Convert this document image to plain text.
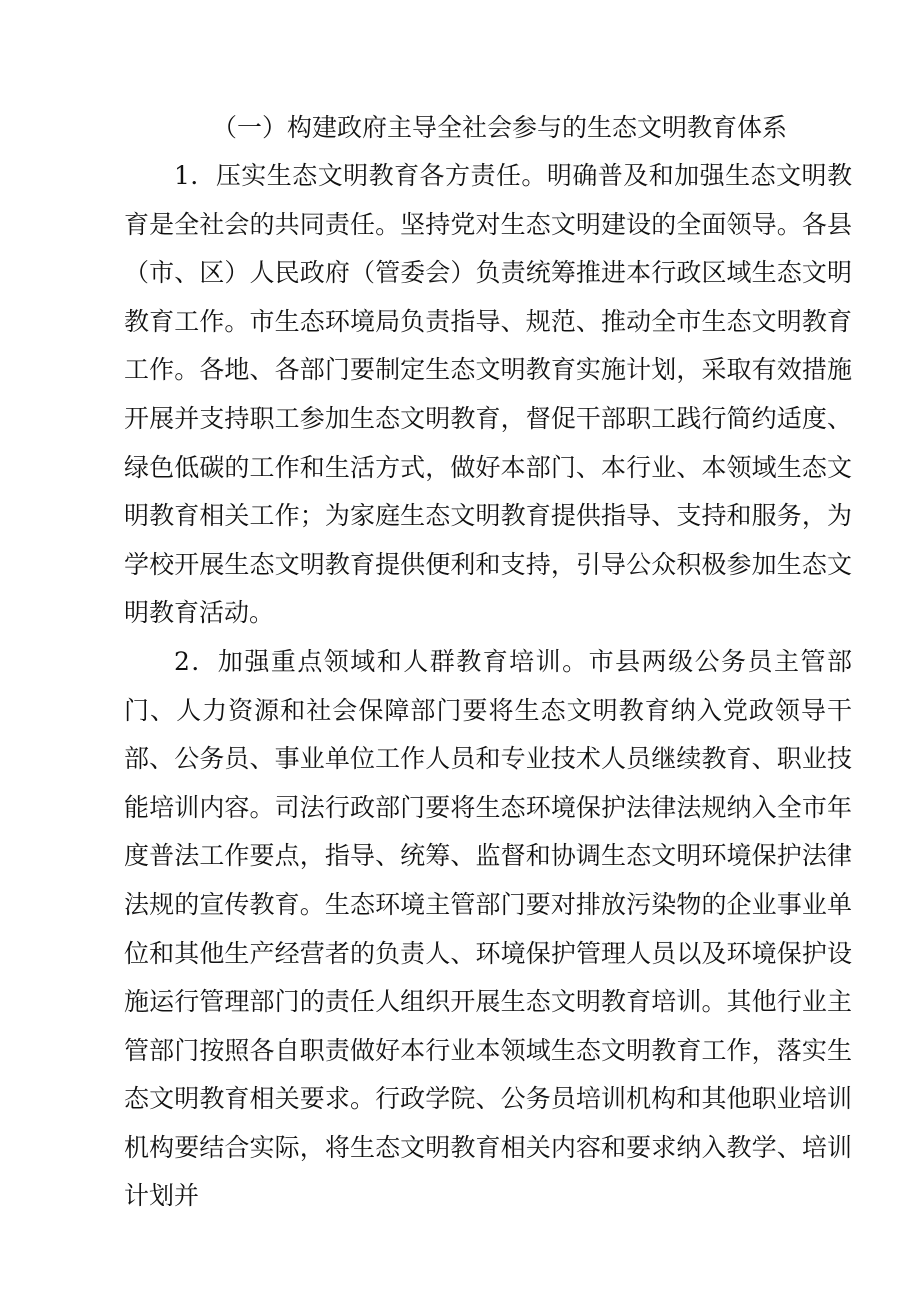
（一）构建政府主导全社会参与的生态文明教育体系

1．压实生态文明教育各方责任。明确普及和加强生态文明教育是全社会的共同责任。坚持党对生态文明建设的全面领导。各县（市、区）人民政府（管委会）负责统筹推进本行政区域生态文明教育工作。市生态环境局负责指导、规范、推动全市生态文明教育工作。各地、各部门要制定生态文明教育实施计划，采取有效措施开展并支持职工参加生态文明教育，督促干部职工践行简约适度、绿色低碳的工作和生活方式，做好本部门、本行业、本领域生态文明教育相关工作；为家庭生态文明教育提供指导、支持和服务，为学校开展生态文明教育提供便利和支持，引导公众积极参加生态文明教育活动。

2．加强重点领域和人群教育培训。市县两级公务员主管部门、人力资源和社会保障部门要将生态文明教育纳入党政领导干部、公务员、事业单位工作人员和专业技术人员继续教育、职业技能培训内容。司法行政部门要将生态环境保护法律法规纳入全市年度普法工作要点，指导、统筹、监督和协调生态文明环境保护法律法规的宣传教育。生态环境主管部门要对排放污染物的企业事业单位和其他生产经营者的负责人、环境保护管理人员以及环境保护设施运行管理部门的责任人组织开展生态文明教育培训。其他行业主管部门按照各自职责做好本行业本领域生态文明教育工作，落实生态文明教育相关要求。行政学院、公务员培训机构和其他职业培训机构要结合实际，将生态文明教育相关内容和要求纳入教学、培训计划并
